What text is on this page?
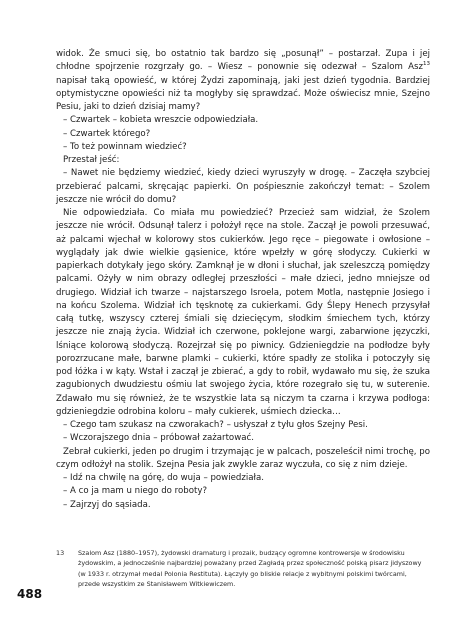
widok. Że smuci się, bo ostatnio tak bardzo się „posunął” – postarzał. Zupa i jej chłodne spojrzenie rozgrzały go. – Wiesz – ponownie się odezwał – Szalom Asz$^{13}$ napisał taką opowieść, w której Żydzi zapominają, jaki jest dzień tygodnia. Bardziej optymistyczne opowieści niż ta mogłyby się sprawdzać. Może oświecisz mnie, Szejno Pesiu, jaki to dzień dzisiaj mamy?

– Czwartek – kobieta wreszcie odpowiedziała.

– Czwartek którego?

– To też powinnam wiedzieć?

Przestał jeść:

– Nawet nie będziemy wiedzieć, kiedy dzieci wyruszyły w drogę. – Zaczęła szybciej przebierać palcami, skręcając papierki. On pośpiesznie zakończył temat: – Szolem jeszcze nie wrócił do domu?

Nie odpowiedziała. Co miała mu powiedzieć? Przecież sam widział, że Szolem jeszcze nie wrócił. Odsunął talerz i położył ręce na stole. Zaczął je powoli przesuwać, aż palcami wjechał w kolorowy stos cukierków. Jego ręce – piegowate i owłosione – wyglądały jak dwie wielkie gąsienice, które wpełzły w górę słodyczy. Cukierki w papierkach dotykały jego skóry. Zamknął je w dłoni i słuchał, jak szeleszczą pomiędzy palcami. Ożyły w nim obrazy odległej przeszłości – małe dzieci, jedno mniejsze od drugiego. Widział ich twarze – najstarszego Isroela, potem Motla, następnie Josiego i na końcu Szolema. Widział ich tęsknotę za cukierkami. Gdy Ślepy Henech przysyłał całą tutkę, wszyscy czterej śmiali się dziecięcym, słodkim śmiechem tych, którzy jeszcze nie znają życia. Widział ich czerwone, poklejone wargi, zabarwione języczki, lśniące kolorową słodyczą. Rozejrzał się po piwnicy. Gdzieniegdzie na podłodze były porozrzucane małe, barwne plamki – cukierki, które spadły ze stolika i potoczyły się pod łóżka i w kąty. Wstał i zaczął je zbierać, a gdy to robił, wydawało mu się, że szuka zagubionych dwudziestu ośmiu lat swojego życia, które rozegrało się tu, w suterenie. Zdawało mu się również, że te wszystkie lata są niczym ta czarna i krzywa podłoga: gdzieniegdzie odrobina koloru – mały cukierek, uśmiech dziecka…

– Czego tam szukasz na czworakach? – usłyszał z tyłu głos Szejny Pesi.

– Wczorajszego dnia – próbował zażartować.

Zebrał cukierki, jeden po drugim i trzymając je w palcach, poszeleścił nimi trochę, po czym odłożył na stolik. Szejna Pesia jak zwykle zaraz wyczuła, co się z nim dzieje.

– Idź na chwilę na górę, do wuja – powiedziała.

– A co ja mam u niego do roboty?

– Zajrzyj do sąsiada.

13	Szalom Asz (1880–1957), żydowski dramaturg i prozaik, budzący ogromne kontrowersje w środowisku żydowskim, a jednocześnie najbardziej poważany przed Zagładą przez społeczność polską pisarz jidyszowy (w 1933 r. otrzymał medal Polonia Restituta). Łączyły go bliskie relacje z wybitnymi polskimi twórcami, przede wszystkim ze Stanisławem Witkiewiczem.
488
